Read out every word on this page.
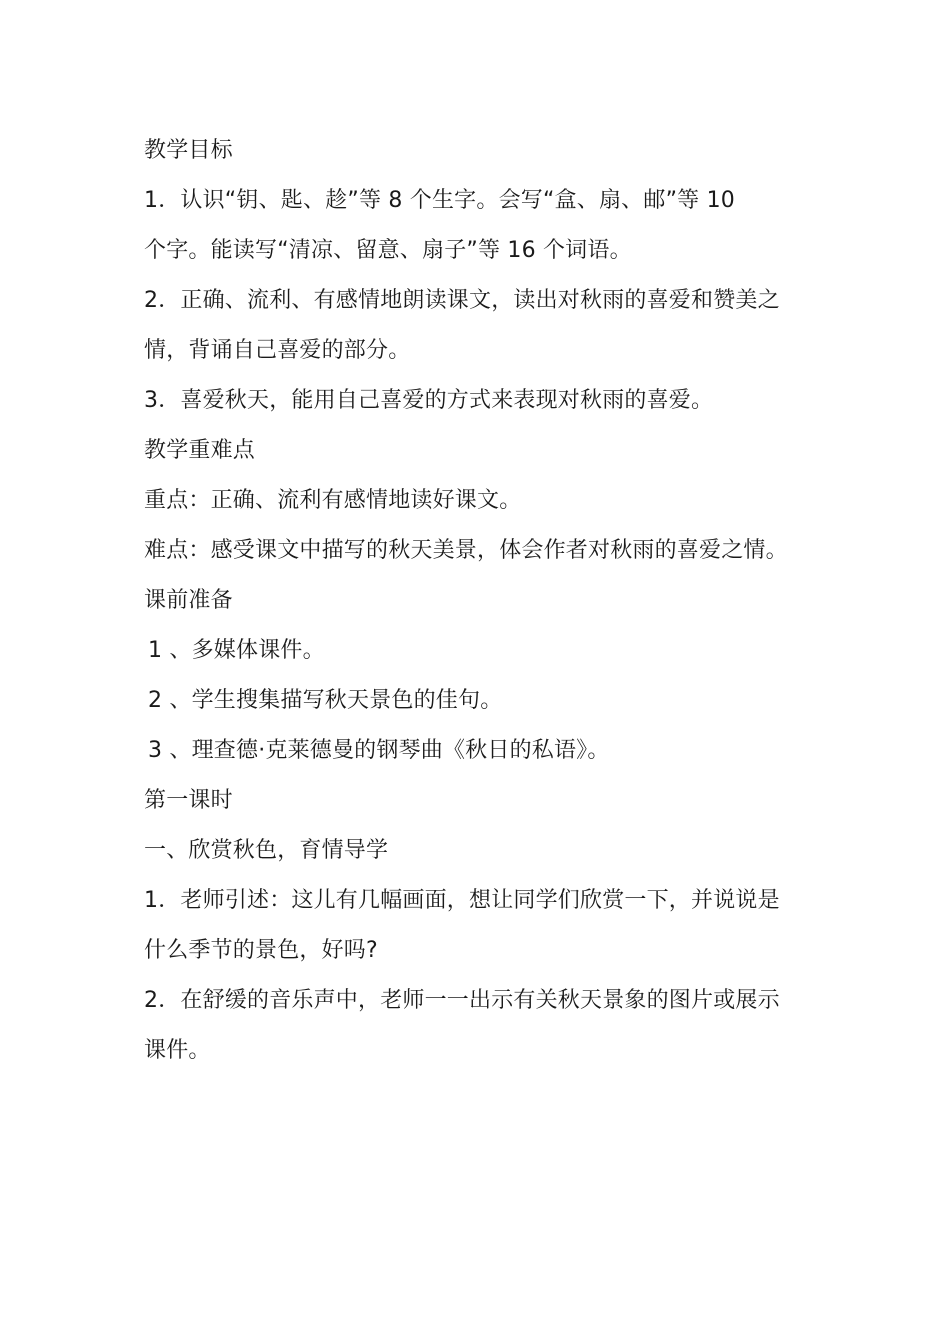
教学目标
1．认识“钥、匙、趁”等 8 个生字。会写“盒、扇、邮”等 10
个字。能读写“清凉、留意、扇子”等 16 个词语。
2．正确、流利、有感情地朗读课文，读出对秋雨的喜爱和赞美之
情，背诵自己喜爱的部分。
3．喜爱秋天，能用自己喜爱的方式来表现对秋雨的喜爱。
教学重难点
重点：正确、流利有感情地读好课文。
难点：感受课文中描写的秋天美景，体会作者对秋雨的喜爱之情。
课前准备
1 、多媒体课件。
2 、学生搜集描写秋天景色的佳句。
3 、理查德·克莱德曼的钢琴曲《秋日的私语》。
第一课时
一、欣赏秋色，育情导学
1．老师引述：这儿有几幅画面，想让同学们欣赏一下，并说说是
什么季节的景色，好吗?
2．在舒缓的音乐声中，老师一一出示有关秋天景象的图片或展示
课件。
